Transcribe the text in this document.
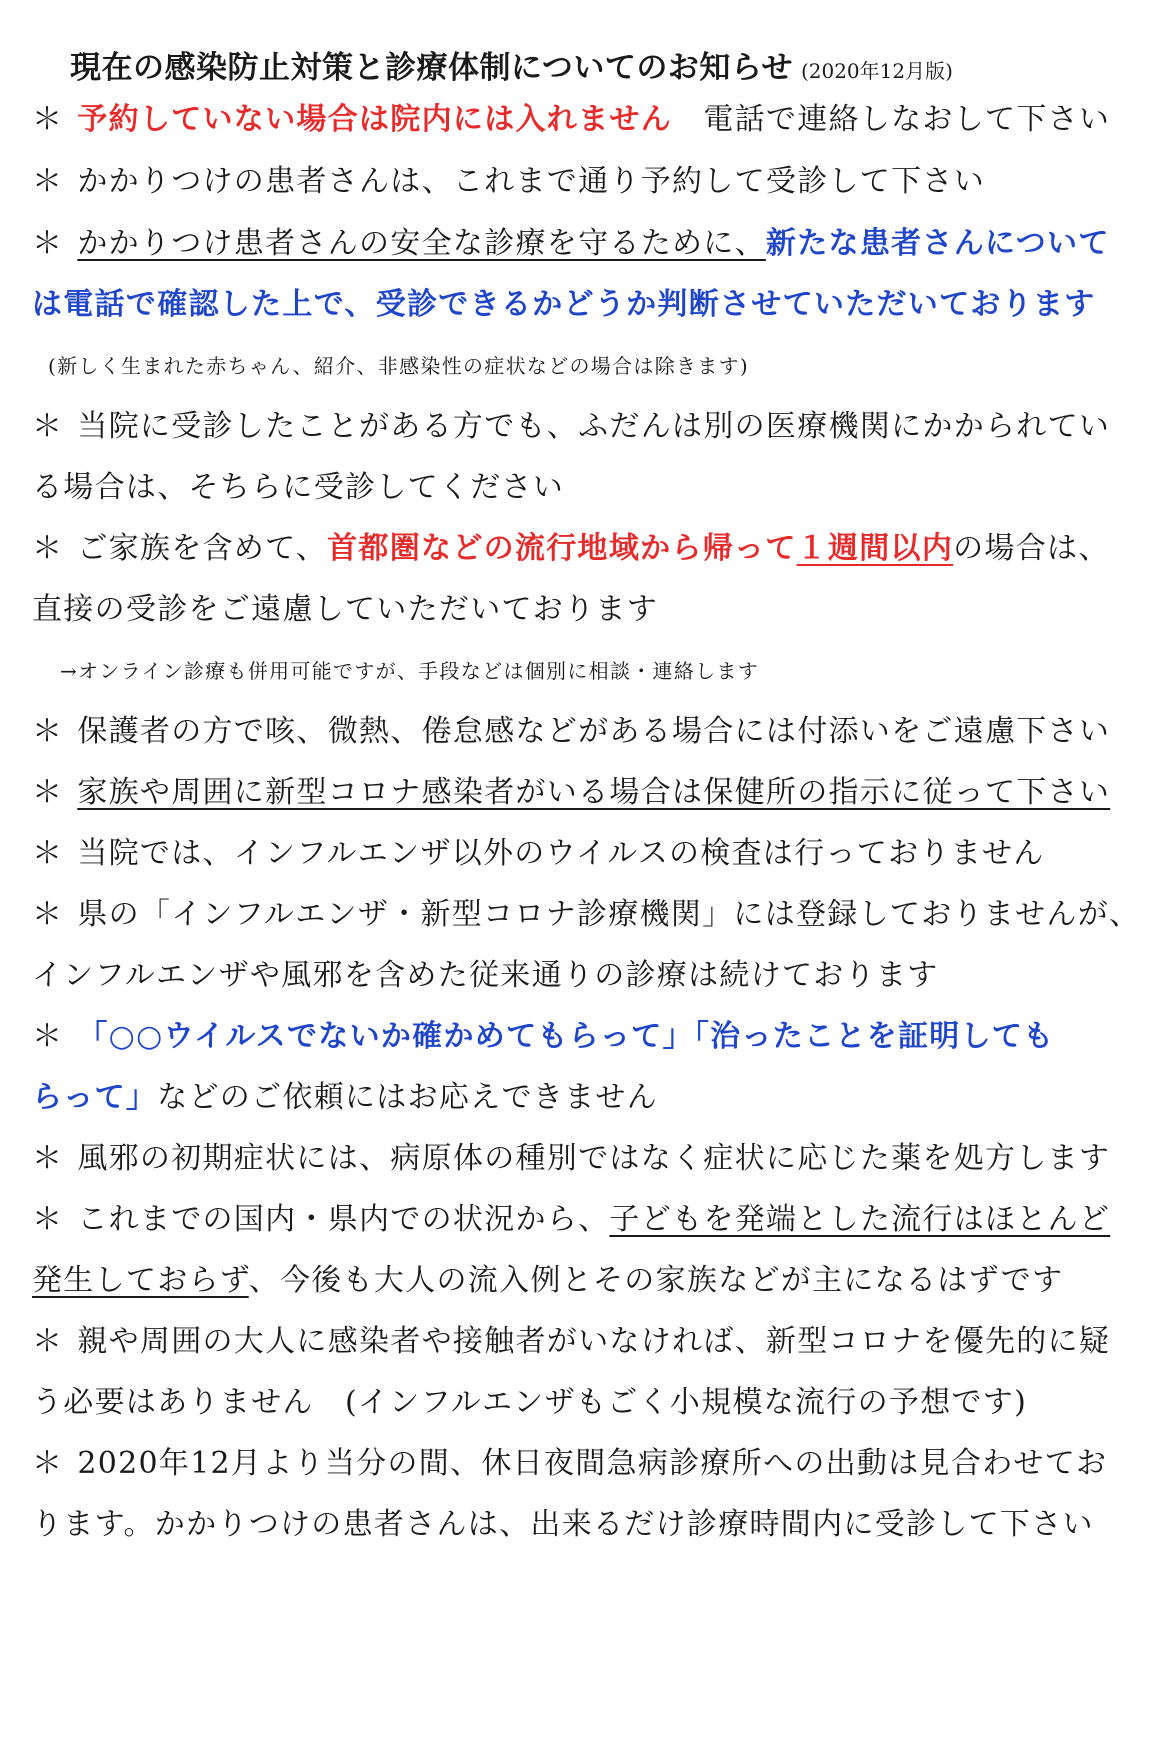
現在の感染防止対策と診療体制についてのお知らせ (2020年12月版)
＊ 予約していない場合は院内には入れません　電話で連絡しなおして下さい
＊ かかりつけの患者さんは、これまで通り予約して受診して下さい
＊ かかりつけ患者さんの安全な診療を守るために、新たな患者さんについて
は電話で確認した上で、受診できるかどうか判断させていただいております
(新しく生まれた赤ちゃん、紹介、非感染性の症状などの場合は除きます)
＊ 当院に受診したことがある方でも、ふだんは別の医療機関にかかられてい
る場合は、そちらに受診してください
＊ ご家族を含めて、首都圏などの流行地域から帰って１週間以内の場合は、
直接の受診をご遠慮していただいております
→オンライン診療も併用可能ですが、手段などは個別に相談・連絡します
＊ 保護者の方で咳、微熱、倦怠感などがある場合には付添いをご遠慮下さい
＊ 家族や周囲に新型コロナ感染者がいる場合は保健所の指示に従って下さい
＊ 当院では、インフルエンザ以外のウイルスの検査は行っておりません
＊ 県の「インフルエンザ・新型コロナ診療機関」には登録しておりませんが、
インフルエンザや風邪を含めた従来通りの診療は続けております
＊ 「○○ウイルスでないか確かめてもらって」「治ったことを証明しても
らって」などのご依頼にはお応えできません
＊ 風邪の初期症状には、病原体の種別ではなく症状に応じた薬を処方します
＊ これまでの国内・県内での状況から、子どもを発端とした流行はほとんど
発生しておらず、今後も大人の流入例とその家族などが主になるはずです
＊ 親や周囲の大人に感染者や接触者がいなければ、新型コロナを優先的に疑
う必要はありません　(インフルエンザもごく小規模な流行の予想です)
＊ 2020年12月より当分の間、休日夜間急病診療所への出動は見合わせてお
ります。かかりつけの患者さんは、出来るだけ診療時間内に受診して下さい
